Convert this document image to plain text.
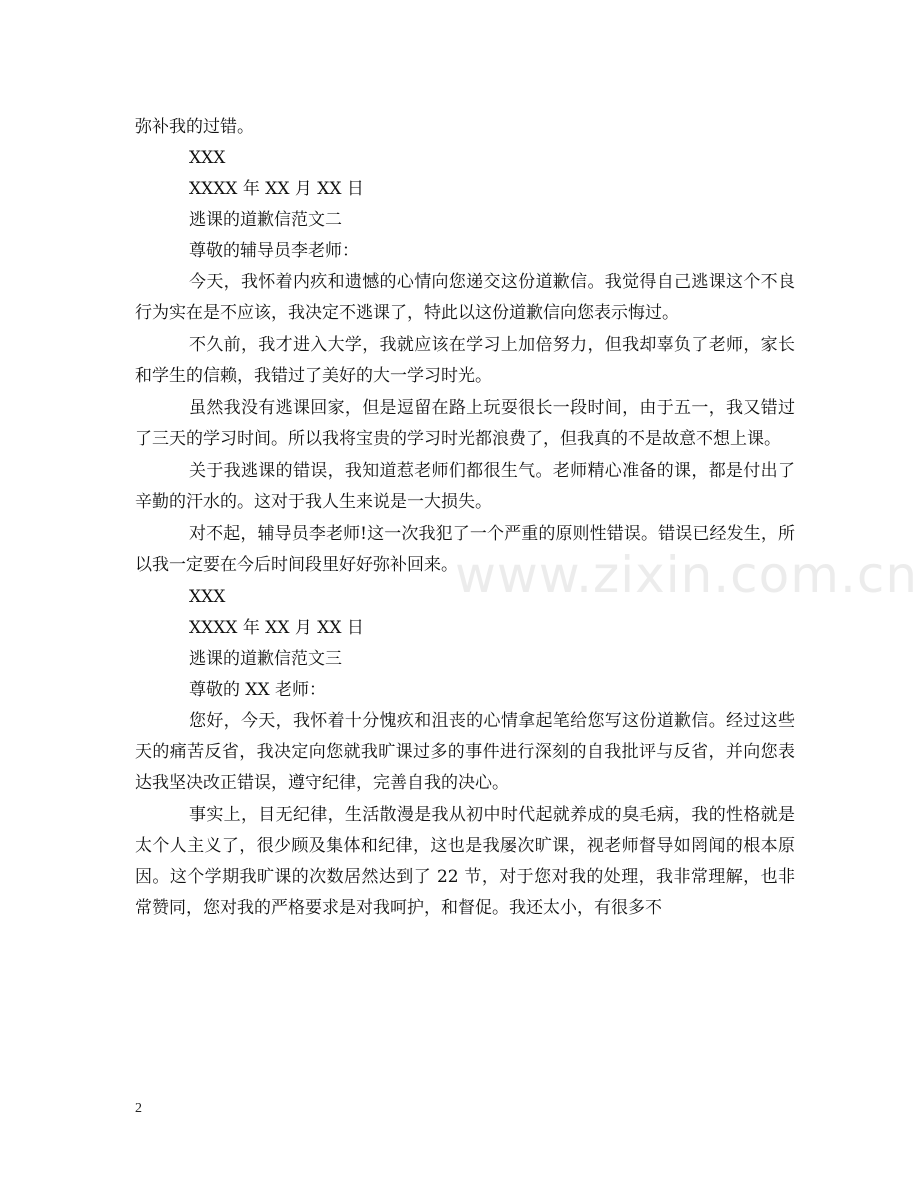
www.zixin.com.cn
弥补我的过错。
XXX
XXXX 年 XX 月 XX 日
逃课的道歉信范文二
尊敬的辅导员李老师：

今天，我怀着内疚和遗憾的心情向您递交这份道歉信。我觉得自己逃课这个不良行为实在是不应该，我决定不逃课了，特此以这份道歉信向您表示悔过。

不久前，我才进入大学，我就应该在学习上加倍努力，但我却辜负了老师，家长和学生的信赖，我错过了美好的大一学习时光。

虽然我没有逃课回家，但是逗留在路上玩耍很长一段时间，由于五一，我又错过了三天的学习时间。所以我将宝贵的学习时光都浪费了，但我真的不是故意不想上课。

关于我逃课的错误，我知道惹老师们都很生气。老师精心准备的课，都是付出了辛勤的汗水的。这对于我人生来说是一大损失。

对不起，辅导员李老师!这一次我犯了一个严重的原则性错误。错误已经发生，所以我一定要在今后时间段里好好弥补回来。

XXX
XXXX 年 XX 月 XX 日
逃课的道歉信范文三
尊敬的 XX 老师：

您好，今天，我怀着十分愧疚和沮丧的心情拿起笔给您写这份道歉信。经过这些天的痛苦反省，我决定向您就我旷课过多的事件进行深刻的自我批评与反省，并向您表达我坚决改正错误，遵守纪律，完善自我的决心。

事实上，目无纪律，生活散漫是我从初中时代起就养成的臭毛病，我的性格就是太个人主义了，很少顾及集体和纪律，这也是我屡次旷课，视老师督导如罔闻的根本原因。这个学期我旷课的次数居然达到了 22 节，对于您对我的处理，我非常理解，也非常赞同，您对我的严格要求是对我呵护，和督促。我还太小，有很多不

2
